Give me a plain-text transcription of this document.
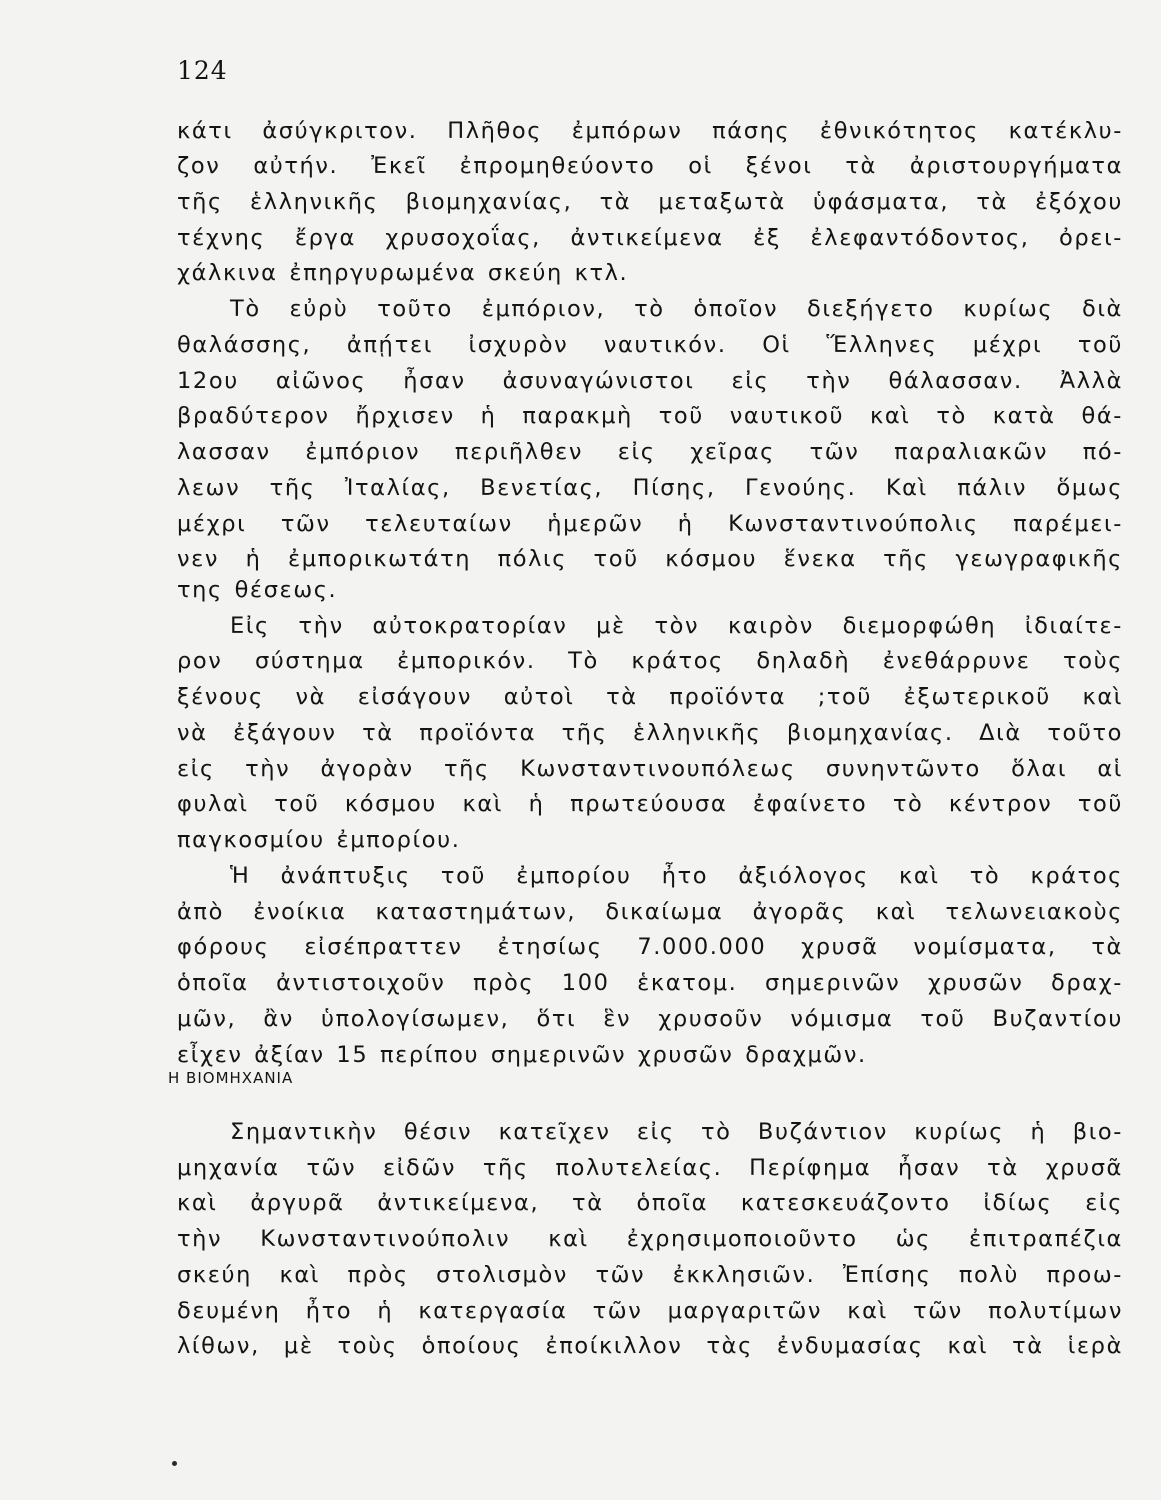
124
κάτι ἀσύγκριτον. Πλῆθος ἐμπόρων πάσης ἐθνικότητος κατέκλυ-
ζον αὐτήν. Ἐκεῖ ἐπρομηθεύοντο οἱ ξένοι τὰ ἀριστουργήματα
τῆς ἑλληνικῆς βιομηχανίας, τὰ μεταξωτὰ ὑφάσματα, τὰ ἐξόχου
τέχνης ἔργα χρυσοχοΐας, ἀντικείμενα ἐξ ἐλεφαντόδοντος, ὀρει-
χάλκινα ἐπηργυρωμένα σκεύη κτλ.
Τὸ εὐρὺ τοῦτο ἐμπόριον, τὸ ὁποῖον διεξήγετο κυρίως διὰ
θαλάσσης, ἀπῄτει ἰσχυρὸν ναυτικόν. Οἱ Ἕλληνες μέχρι τοῦ
12ου αἰῶνος ἦσαν ἀσυναγώνιστοι εἰς τὴν θάλασσαν. Ἀλλὰ
βραδύτερον ἤρχισεν ἡ παρακμὴ τοῦ ναυτικοῦ καὶ τὸ κατὰ θά-
λασσαν ἐμπόριον περιῆλθεν εἰς χεῖρας τῶν παραλιακῶν πό-
λεων τῆς Ἰταλίας, Βενετίας, Πίσης, Γενούης. Καὶ πάλιν ὅμως
μέχρι τῶν τελευταίων ἡμερῶν ἡ Κωνσταντινούπολις παρέμει-
νεν ἡ ἐμπορικωτάτη πόλις τοῦ κόσμου ἕνεκα τῆς γεωγραφικῆς
της θέσεως.
Εἰς τὴν αὐτοκρατορίαν μὲ τὸν καιρὸν διεμορφώθη ἰδιαίτε-
ρον σύστημα ἐμπορικόν. Τὸ κράτος δηλαδὴ ἐνεθάρρυνε τοὺς
ξένους νὰ εἰσάγουν αὐτοὶ τὰ προϊόντα ;τοῦ ἐξωτερικοῦ καὶ
νὰ ἐξάγουν τὰ προϊόντα τῆς ἑλληνικῆς βιομηχανίας. Διὰ τοῦτο
εἰς τὴν ἀγορὰν τῆς Κωνσταντινουπόλεως συνηντῶντο ὅλαι αἱ
φυλαὶ τοῦ κόσμου καὶ ἡ πρωτεύουσα ἐφαίνετο τὸ κέντρον τοῦ
παγκοσμίου ἐμπορίου.
Ἡ ἀνάπτυξις τοῦ ἐμπορίου ἦτο ἀξιόλογος καὶ τὸ κράτος
ἀπὸ ἐνοίκια καταστημάτων, δικαίωμα ἀγορᾶς καὶ τελωνειακοὺς
φόρους εἰσέπραττεν ἐτησίως 7.000.000 χρυσᾶ νομίσματα, τὰ
ὁποῖα ἀντιστοιχοῦν πρὸς 100 ἑκατομ. σημερινῶν χρυσῶν δραχ-
μῶν, ἂν ὑπολογίσωμεν, ὅτι ἓν χρυσοῦν νόμισμα τοῦ Βυζαντίου
εἶχεν ἀξίαν 15 περίπου σημερινῶν χρυσῶν δραχμῶν.
Η ΒΙΟΜΗΧΑΝΙΑ
Σημαντικὴν θέσιν κατεῖχεν εἰς τὸ Βυζάντιον κυρίως ἡ βιο-
μηχανία τῶν εἰδῶν τῆς πολυτελείας. Περίφημα ἦσαν τὰ χρυσᾶ
καὶ ἀργυρᾶ ἀντικείμενα, τὰ ὁποῖα κατεσκευάζοντο ἰδίως εἰς
τὴν Κωνσταντινούπολιν καὶ ἐχρησιμοποιοῦντο ὡς ἐπιτραπέζια
σκεύη καὶ πρὸς στολισμὸν τῶν ἐκκλησιῶν. Ἐπίσης πολὺ προω-
δευμένη ἦτο ἡ κατεργασία τῶν μαργαριτῶν καὶ τῶν πολυτίμων
λίθων, μὲ τοὺς ὁποίους ἐποίκιλλον τὰς ἐνδυμασίας καὶ τὰ ἱερὰ
